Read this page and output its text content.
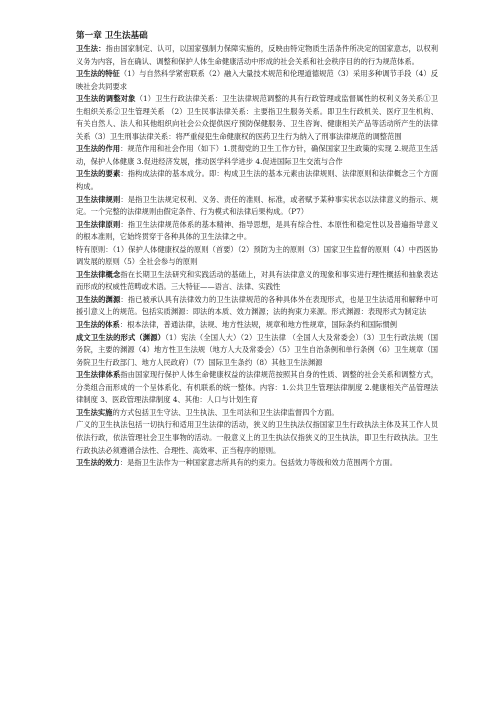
第一章 卫生法基础

卫生法：指由国家制定、认可，以国家强制力保障实施的，反映由特定物质生活条件所决定的国家意志，以权利义务为内容，旨在确认、调整和保护人体生命健康活动中形成的社会关系和社会秩序目的的行为规范体系。

卫生法的特征（1）与自然科学紧密联系（2）融入大量技术规范和伦理道德规范（3）采用多种调节手段（4）反映社会共同要求

卫生法的调整对象（1）卫生行政法律关系：卫生法律规范调整的具有行政管理或监督属性的权利义务关系①卫生组织关系②卫生管理关系 （2）卫生民事法律关系：主要指卫生服务关系。即卫生行政机关、医疗卫生机构、有关自然人、法人和其他组织向社会公众提供医疗预防保健服务、卫生咨询、健康相关产品等活动所产生的法律关系（3）卫生刑事法律关系：将严重侵犯生命健康权的医药卫生行为纳入了刑事法律规范的调整范围

卫生法的作用：规范作用和社会作用（如下）1.贯彻党的卫生工作方针，确保国家卫生政策的实现 2.规范卫生活动，保护人体健康 3.促进经济发展，推动医学科学进步 4.促进国际卫生交流与合作

卫生法的要素：指构成法律的基本成分。即：构成卫生法的基本元素由法律规则、法律原则和法律概念三个方面构成。

卫生法律规则：是指卫生法规定权利、义务、责任的准则、标准，或者赋予某种事实状态以法律意义的指示、规定。一个完整的法律规则由假定条件、行为模式和法律后果构成。（P7）

卫生法律原则：指卫生法律规范体系的基本精神、指导思想，是具有综合性、本原性和稳定性以及普遍指导意义的根本准则，它始终贯穿于各种具体的卫生法律之中。

特有原则：（1）保护人体健康权益的原则（首要）（2）预防为主的原则（3）国家卫生监督的原则（4）中西医协调发展的原则（5）全社会参与的原则

卫生法律概念指在长期卫生法研究和实践活动的基础上，对具有法律意义的现象和事实进行理性概括和抽象表达而形成的权威性范畴或术语。三大特征——语言、法律、实践性

卫生法的渊源：指已被承认具有法律效力的卫生法律规范的各种具体外在表现形式，也是卫生法适用和解释中可援引意义上的规范。包括实质渊源：即法的本质、效力渊源；法的拘束力来源。形式渊源：表现形式为制定法

卫生法的体系：根本法律，普通法律，法规、地方性法规，规章和地方性规章，国际条约和国际惯例

成文卫生法的形式（渊源）（1）宪法（全国人大）（2）卫生法律 （全国人大及常委会）（3）卫生行政法规（国务院，主要的渊源（4）地方性卫生法规（地方人大及常委会）（5）卫生自治条例和单行条例（6）卫生规章（国务院卫生行政部门、地方人民政府）（7）国际卫生条约（8）其他卫生法渊源

卫生法律体系指由国家现行保护人体生命健康权益的法律规范按照其自身的性质、调整的社会关系和调整方式，分类组合而形成的一个呈体系化、有机联系的统一整体。内容：1.公共卫生管理法律制度 2.健康相关产品管理法律制度 3、医政管理法律制度 4、其他：人口与计划生育

卫生法实施的方式包括卫生守法、卫生执法、卫生司法和卫生法律监督四个方面。

广义的卫生执法包括一切执行和适用卫生法律的活动，狭义的卫生执法仅指国家卫生行政执法主体及其工作人员依法行政，依法管理社会卫生事物的活动。一般意义上的卫生执法仅指狭义的卫生执法，即卫生行政执法。卫生行政执法必须遵循合法性、合理性、高效率、正当程序的原则。

卫生法的效力：是指卫生法作为一种国家意志所具有的约束力。包括效力等级和效力范围两个方面。
